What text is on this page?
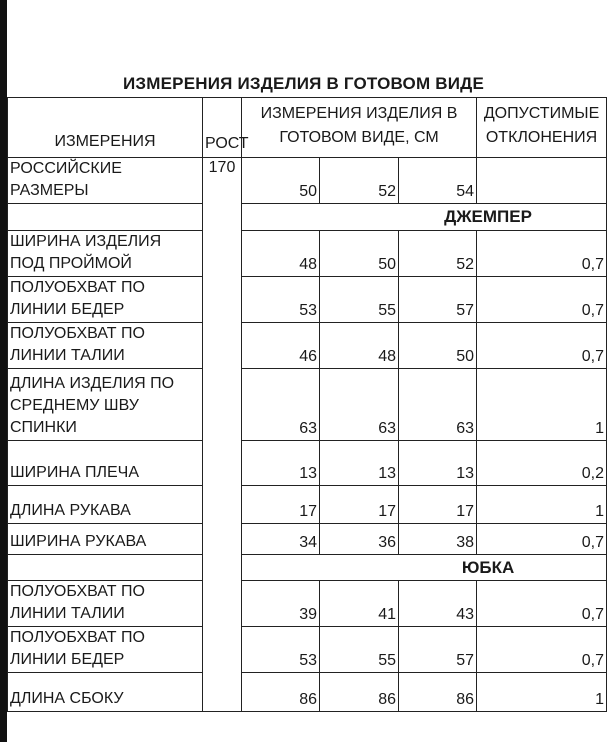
ИЗМЕРЕНИЯ ИЗДЕЛИЯ В ГОТОВОМ ВИДЕ
ИЗМЕРЕНИЯ	РОСТ	ИЗМЕРЕНИЯ ИЗДЕЛИЯ В ГОТОВОМ ВИДЕ, СМ			ДОПУСТИМЫЕ ОТКЛОНЕНИЯ
РОССИЙСКИЕ РАЗМЕРЫ	170	50	52	54	
		ДЖЕМПЕР			
ШИРИНА ИЗДЕЛИЯ ПОД ПРОЙМОЙ		48	50	52	0,7
ПОЛУОБХВАТ ПО ЛИНИИ БЕДЕР		53	55	57	0,7
ПОЛУОБХВАТ ПО ЛИНИИ ТАЛИИ		46	48	50	0,7
ДЛИНА ИЗДЕЛИЯ ПО СРЕДНЕМУ ШВУ СПИНКИ		63	63	63	1
ШИРИНА ПЛЕЧА		13	13	13	0,2
ДЛИНА РУКАВА		17	17	17	1
ШИРИНА РУКАВА		34	36	38	0,7
		ЮБКА			
ПОЛУОБХВАТ ПО ЛИНИИ ТАЛИИ		39	41	43	0,7
ПОЛУОБХВАТ ПО ЛИНИИ БЕДЕР		53	55	57	0,7
ДЛИНА СБОКУ		86	86	86	1
